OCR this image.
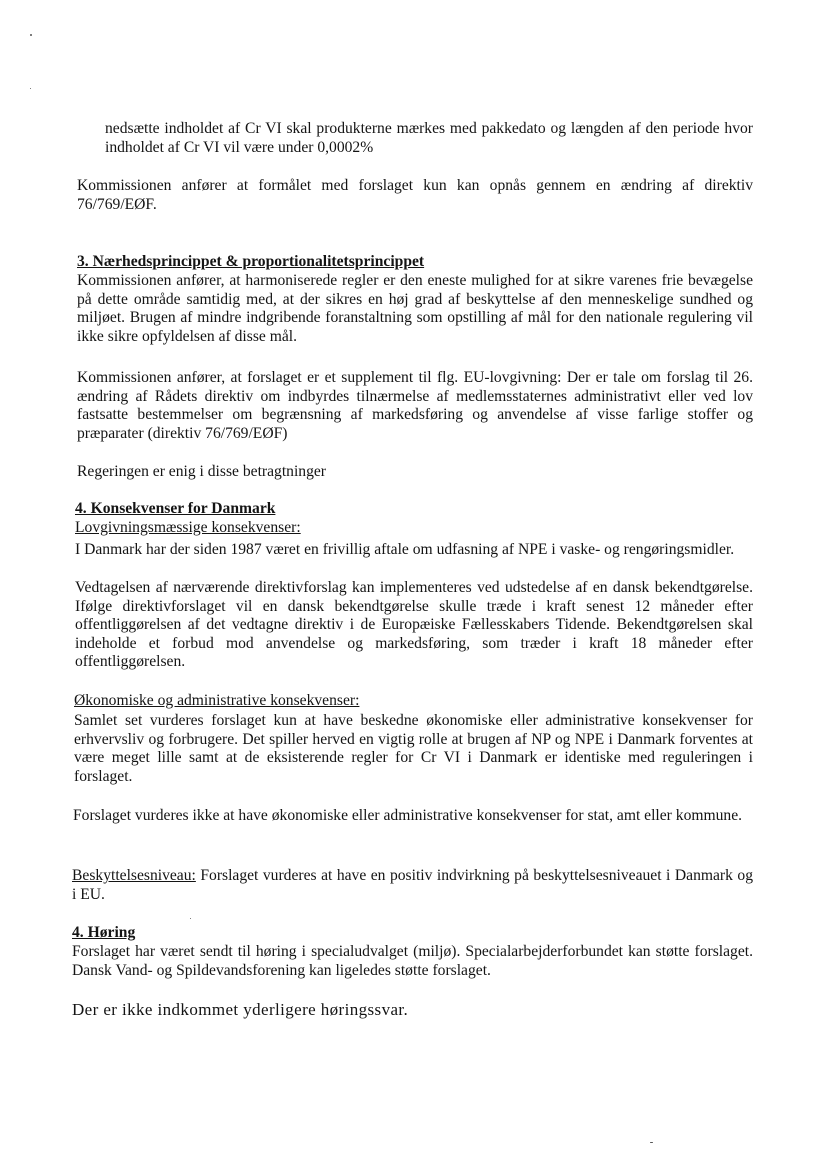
nedsætte indholdet af Cr VI skal produkterne mærkes med pakkedato og længden af den periode hvor indholdet af Cr VI vil være under 0,0002%
Kommissionen anfører at formålet med forslaget kun kan opnås gennem en ændring af direktiv 76/769/EØF.
3. Nærhedsprincippet & proportionalitetsprincippet
Kommissionen anfører, at harmoniserede regler er den eneste mulighed for at sikre varenes frie bevægelse på dette område samtidig med, at der sikres en høj grad af beskyttelse af den menneskelige sundhed og miljøet. Brugen af mindre indgribende foranstaltning som opstilling af mål for den nationale regulering vil ikke sikre opfyldelsen af disse mål.
Kommissionen anfører, at forslaget er et supplement til flg. EU-lovgivning: Der er tale om forslag til 26. ændring af Rådets direktiv om indbyrdes tilnærmelse af medlemsstaternes administrativt eller ved lov fastsatte bestemmelser om begrænsning af markedsføring og anvendelse af visse farlige stoffer og præparater (direktiv 76/769/EØF)
Regeringen er enig i disse betragtninger
4. Konsekvenser for Danmark
Lovgivningsmæssige konsekvenser:
I Danmark har der siden 1987 været en frivillig aftale om udfasning af NPE i vaske- og rengøringsmidler.
Vedtagelsen af nærværende direktivforslag kan implementeres ved udstedelse af en dansk bekendtgørelse. Ifølge direktivforslaget vil en dansk bekendtgørelse skulle træde i kraft senest 12 måneder efter offentliggørelsen af det vedtagne direktiv i de Europæiske Fællesskabers Tidende. Bekendtgørelsen skal indeholde et forbud mod anvendelse og markedsføring, som træder i kraft 18 måneder efter offentliggørelsen.
Økonomiske og administrative konsekvenser:
Samlet set vurderes forslaget kun at have beskedne økonomiske eller administrative konsekvenser for erhvervsliv og forbrugere. Det spiller herved en vigtig rolle at brugen af NP og NPE i Danmark forventes at være meget lille samt at de eksisterende regler for Cr VI i Danmark er identiske med reguleringen i forslaget.
Forslaget vurderes ikke at have økonomiske eller administrative konsekvenser for stat, amt eller kommune.
Beskyttelsesniveau: Forslaget vurderes at have en positiv indvirkning på beskyttelsesniveauet i Danmark og i EU.
4. Høring
Forslaget har været sendt til høring i specialudvalget (miljø). Specialarbejderforbundet kan støtte forslaget. Dansk Vand- og Spildevandsforening kan ligeledes støtte forslaget.
Der er ikke indkommet yderligere høringssvar.
